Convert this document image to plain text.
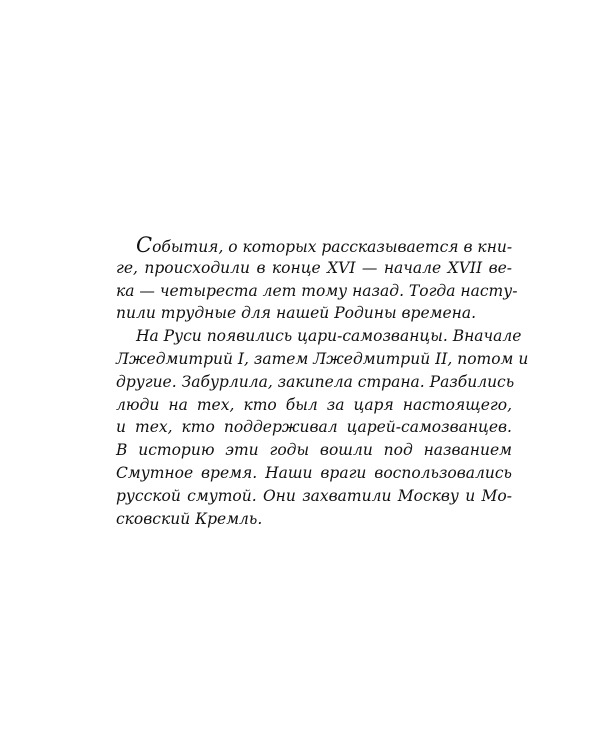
События, о которых рассказывается в кни-
ге, происходили в конце XVI — начале XVII ве-
ка — четыреста лет тому назад. Тогда насту-
пили трудные для нашей Родины времена.
На Руси появились цари-самозванцы. Вначале
Лжедмитрий I, затем Лжедмитрий II, потом и
другие. Забурлила, закипела страна. Разбились
люди на тех, кто был за царя настоящего,
и тех, кто поддерживал царей-самозванцев.
В историю эти годы вошли под названием
Смутное время. Наши враги воспользовались
русской смутой. Они захватили Москву и Мо-
сковский Кремль.
